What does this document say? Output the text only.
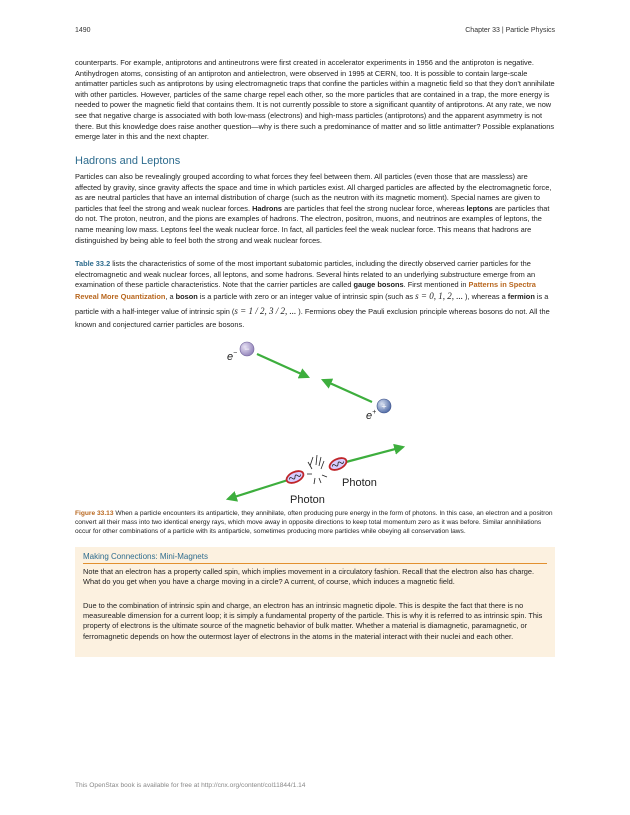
1490	Chapter 33 | Particle Physics
counterparts. For example, antiprotons and antineutrons were first created in accelerator experiments in 1956 and the antiproton is negative. Antihydrogen atoms, consisting of an antiproton and antielectron, were observed in 1995 at CERN, too. It is possible to contain large-scale antimatter particles such as antiprotons by using electromagnetic traps that confine the particles within a magnetic field so that they don't annihilate with other particles. However, particles of the same charge repel each other, so the more particles that are contained in a trap, the more energy is needed to power the magnetic field that contains them. It is not currently possible to store a significant quantity of antiprotons. At any rate, we now see that negative charge is associated with both low-mass (electrons) and high-mass particles (antiprotons) and the apparent asymmetry is not there. But this knowledge does raise another question—why is there such a predominance of matter and so little antimatter? Possible explanations emerge later in this and the next chapter.
Hadrons and Leptons
Particles can also be revealingly grouped according to what forces they feel between them. All particles (even those that are massless) are affected by gravity, since gravity affects the space and time in which particles exist. All charged particles are affected by the electromagnetic force, as are neutral particles that have an internal distribution of charge (such as the neutron with its magnetic moment). Special names are given to particles that feel the strong and weak nuclear forces. Hadrons are particles that feel the strong nuclear force, whereas leptons are particles that do not. The proton, neutron, and the pions are examples of hadrons. The electron, positron, muons, and neutrinos are examples of leptons, the name meaning low mass. Leptons feel the weak nuclear force. In fact, all particles feel the weak nuclear force. This means that hadrons are distinguished by being able to feel both the strong and weak nuclear forces.
Table 33.2 lists the characteristics of some of the most important subatomic particles, including the directly observed carrier particles for the electromagnetic and weak nuclear forces, all leptons, and some hadrons. Several hints related to an underlying substructure emerge from an examination of these particle characteristics. Note that the carrier particles are called gauge bosons. First mentioned in Patterns in Spectra Reveal More Quantization, a boson is a particle with zero or an integer value of intrinsic spin (such as s = 0, 1, 2, ... ), whereas a fermion is a particle with a half-integer value of intrinsic spin (s = 1 / 2, 3 / 2, ... ). Fermions obey the Pauli exclusion principle whereas bosons do not. All the known and conjectured carrier particles are bosons.
−
e−
+
e+
Photon
Photon
Figure 33.13 When a particle encounters its antiparticle, they annihilate, often producing pure energy in the form of photons. In this case, an electron and a positron convert all their mass into two identical energy rays, which move away in opposite directions to keep total momentum zero as it was before. Similar annihilations occur for other combinations of a particle with its antiparticle, sometimes producing more particles while obeying all conservation laws.
Making Connections: Mini-Magnets
Note that an electron has a property called spin, which implies movement in a circulatory fashion. Recall that the electron also has charge. What do you get when you have a charge moving in a circle? A current, of course, which induces a magnetic field.
Due to the combination of intrinsic spin and charge, an electron has an intrinsic magnetic dipole. This is despite the fact that there is no measureable dimension for a current loop; it is simply a fundamental property of the particle. This is why it is referred to as intrinsic spin. This property of electrons is the ultimate source of the magnetic behavior of bulk matter. Whether a material is diamagnetic, paramagnetic, or ferromagnetic depends on how the outermost layer of electrons in the atoms in the material interact with their nuclei and each other.
This OpenStax book is available for free at http://cnx.org/content/col11844/1.14
